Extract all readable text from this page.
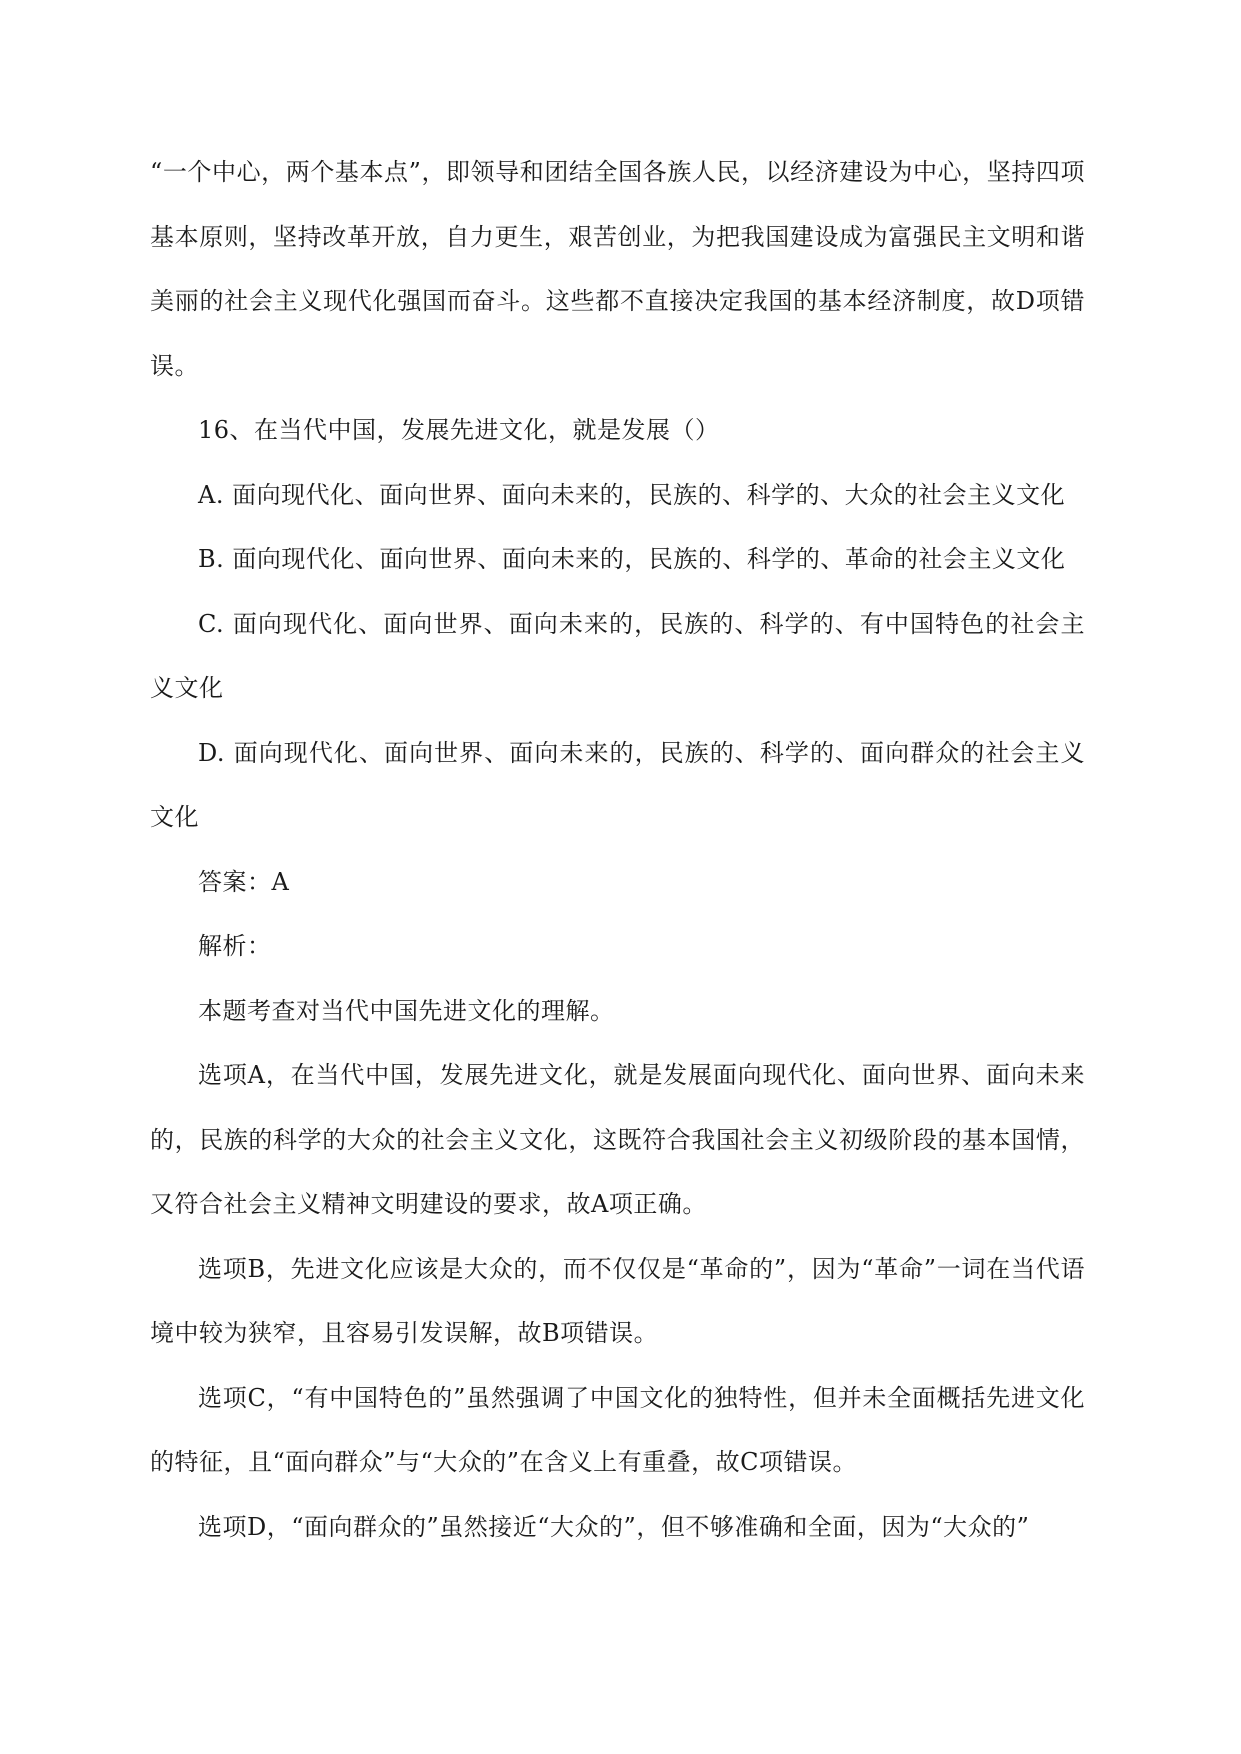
“一个中心，两个基本点”，即领导和团结全国各族人民，以经济建设为中心，坚持四项基本原则，坚持改革开放，自力更生，艰苦创业，为把我国建设成为富强民主文明和谐美丽的社会主义现代化强国而奋斗。这些都不直接决定我国的基本经济制度，故D项错误。

16、在当代中国，发展先进文化，就是发展（）

A. 面向现代化、面向世界、面向未来的，民族的、科学的、大众的社会主义文化

B. 面向现代化、面向世界、面向未来的，民族的、科学的、革命的社会主义文化

C. 面向现代化、面向世界、面向未来的，民族的、科学的、有中国特色的社会主义文化

D. 面向现代化、面向世界、面向未来的，民族的、科学的、面向群众的社会主义文化

答案：A

解析：

本题考查对当代中国先进文化的理解。

选项A，在当代中国，发展先进文化，就是发展面向现代化、面向世界、面向未来的，民族的科学的大众的社会主义文化，这既符合我国社会主义初级阶段的基本国情，又符合社会主义精神文明建设的要求，故A项正确。

选项B，先进文化应该是大众的，而不仅仅是“革命的”，因为“革命”一词在当代语境中较为狭窄，且容易引发误解，故B项错误。

选项C，“有中国特色的”虽然强调了中国文化的独特性，但并未全面概括先进文化的特征，且“面向群众”与“大众的”在含义上有重叠，故C项错误。

选项D，“面向群众的”虽然接近“大众的”，但不够准确和全面，因为“大众的”
